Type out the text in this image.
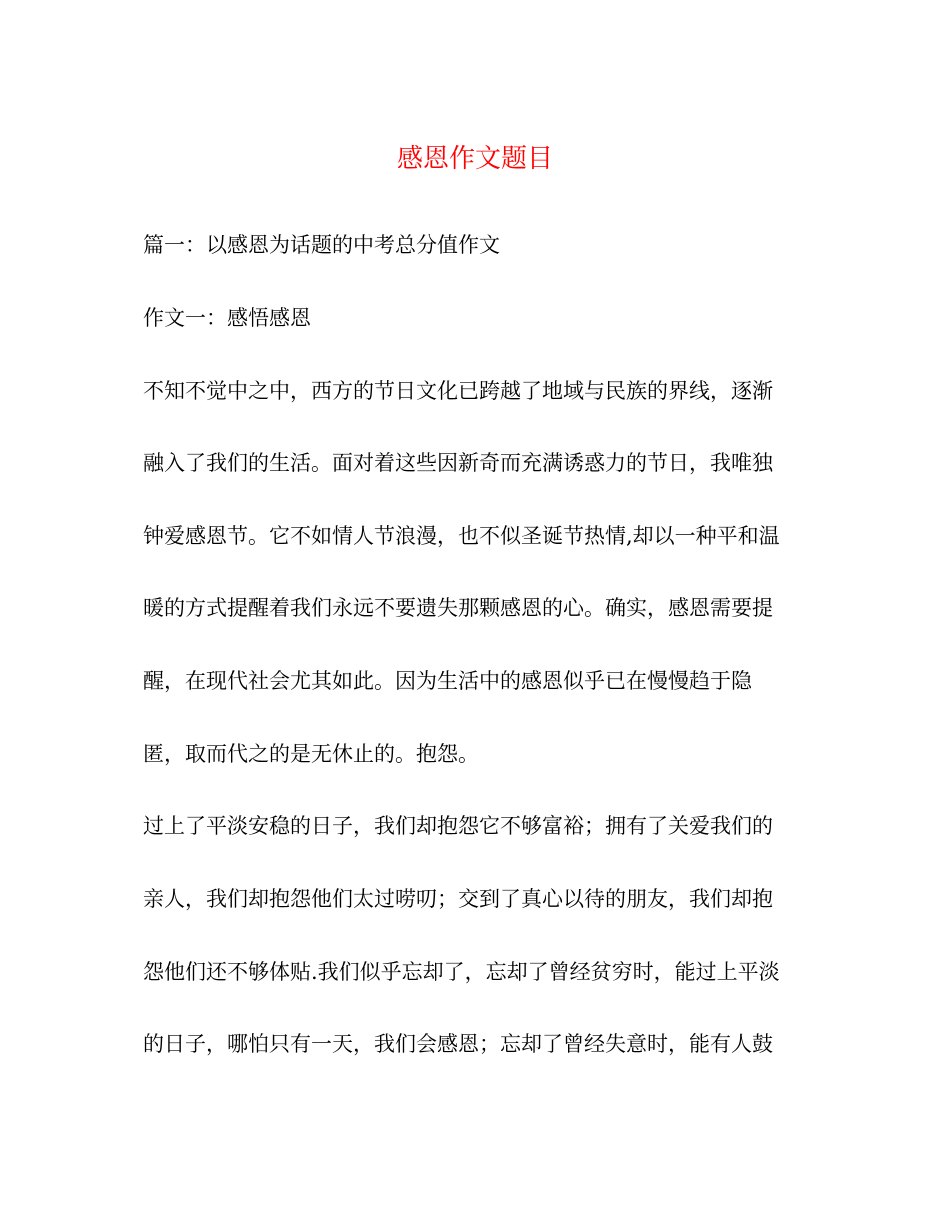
感恩作文题目
篇一：以感恩为话题的中考总分值作文
作文一：感悟感恩
不知不觉中之中，西方的节日文化已跨越了地域与民族的界线，逐渐
融入了我们的生活。面对着这些因新奇而充满诱惑力的节日，我唯独
钟爱感恩节。它不如情人节浪漫，也不似圣诞节热情,却以一种平和温
暖的方式提醒着我们永远不要遗失那颗感恩的心。确实，感恩需要提
醒，在现代社会尤其如此。因为生活中的感恩似乎已在慢慢趋于隐
匿，取而代之的是无休止的。抱怨。
过上了平淡安稳的日子，我们却抱怨它不够富裕；拥有了关爱我们的
亲人，我们却抱怨他们太过唠叨；交到了真心以待的朋友，我们却抱
怨他们还不够体贴.我们似乎忘却了，忘却了曾经贫穷时，能过上平淡
的日子，哪怕只有一天，我们会感恩；忘却了曾经失意时，能有人鼓
